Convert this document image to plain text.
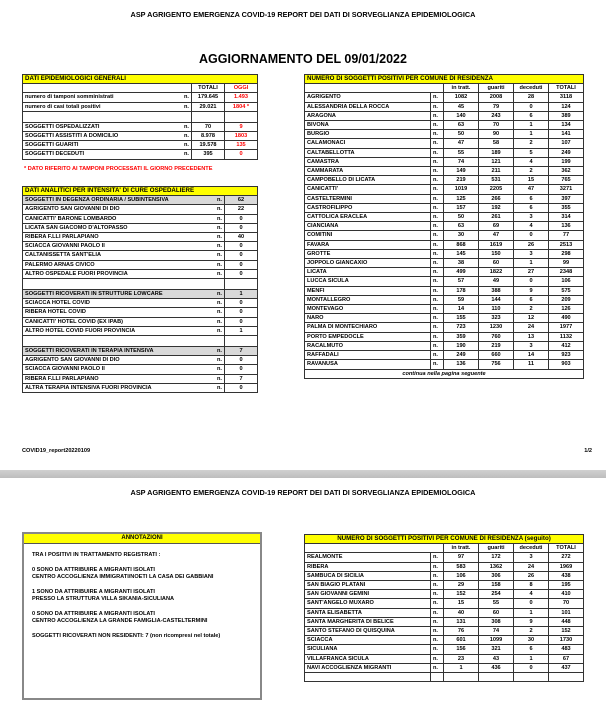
ASP AGRIGENTO EMERGENZA COVID-19 REPORT DEI DATI DI SORVEGLIANZA EPIDEMIOLOGICA
AGGIORNAMENTO DEL 09/01/2022
DATI EPIDEMIOLOGICI GENERALI			
		TOTALI	OGGI
numero di tamponi somministrati	n.	179.645	1.493
numero di casi totali positivi	n.	29.021	1804 *

SOGGETTI OSPEDALIZZATI	n.	70	9
SOGGETTI ASSISTITI A DOMICILIO	n.	8.978	1803
SOGGETTI GUARITI	n.	19.578	135
SOGGETTI DECEDUTI	n.	395	0
* DATO RIFERITO AI TAMPONI PROCESSATI IL GIORNO PRECEDENTE
DATI ANALITICI PER INTENSITA' DI CURE OSPEDALIERE		
SOGGETTI IN DEGENZA ORDINARIA / SUBINTENSIVA	n.	62
AGRIGENTO SAN GIOVANNI DI DIO	n.	22
CANICATTI' BARONE LOMBARDO	n.	0
LICATA SAN GIACOMO D'ALTOPASSO	n.	0
RIBERA F.LLI PARLAPIANO	n.	40
SCIACCA GIOVANNI PAOLO II	n.	0
CALTANISSETTA SANT'ELIA	n.	0
PALERMO ARNAS CIVICO	n.	0
ALTRO OSPEDALE FUORI PROVINCIA	n.	0

SOGGETTI RICOVERATI IN STRUTTURE LOWCARE	n.	1
SCIACCA HOTEL COVID	n.	0
RIBERA HOTEL COVID	n.	0
CANICATTI' HOTEL COVID (EX IPAB)	n.	0
ALTRO HOTEL COVID FUORI PROVINCIA	n.	1

SOGGETTI RICOVERATI IN TERAPIA INTENSIVA	n.	7
AGRIGENTO SAN GIOVANNI DI DIO	n.	0
SCIACCA GIOVANNI PAOLO II	n.	0
RIBERA F.LLI PARLAPIANO	n.	7
ALTRA TERAPIA INTENSIVA FUORI PROVINCIA	n.	0
NUMERO DI SOGGETTI POSITIVI PER COMUNE DI RESIDENZA					
		in tratt.	guariti	deceduti	TOTALI
AGRIGENTO	n.	1082	2008	28	3118
ALESSANDRIA DELLA ROCCA	n.	45	79	0	124
ARAGONA	n.	140	243	6	389
BIVONA	n.	63	70	1	134
BURGIO	n.	50	90	1	141
CALAMONACI	n.	47	58	2	107
CALTABELLOTTA	n.	55	189	5	249
CAMASTRA	n.	74	121	4	199
CAMMARATA	n.	149	211	2	362
CAMPOBELLO DI LICATA	n.	219	531	15	765
CANICATTI'	n.	1019	2205	47	3271
CASTELTERMINI	n.	125	266	6	397
CASTROFILIPPO	n.	157	192	6	355
CATTOLICA ERACLEA	n.	50	261	3	314
CIANCIANA	n.	63	69	4	136
COMITINI	n.	30	47	0	77
FAVARA	n.	868	1619	26	2513
GROTTE	n.	145	150	3	298
JOPPOLO GIANCAXIO	n.	38	60	1	99
LICATA	n.	499	1822	27	2348
LUCCA SICULA	n.	57	49	0	106
MENFI	n.	178	388	9	575
MONTALLEGRO	n.	59	144	6	209
MONTEVAGO	n.	14	110	2	126
NARO	n.	155	323	12	490
PALMA DI MONTECHIARO	n.	723	1230	24	1977
PORTO EMPEDOCLE	n.	359	760	13	1132
RACALMUTO	n.	190	219	3	412
RAFFADALI	n.	249	660	14	923
RAVANUSA	n.	136	756	11	903
continua nella pagina seguente					
COVID19_report20220109	1/2
ASP AGRIGENTO EMERGENZA COVID-19 REPORT DEI DATI DI SORVEGLIANZA EPIDEMIOLOGICA
ANNOTAZIONI

TRA I POSITIVI IN TRATTAMENTO REGISTRATI :

0 SONO DA ATTRIBUIRE A MIGRANTI ISOLATI
CENTRO ACCOGLIENZA IMMIGRATI/NOETI LA CASA DEI GABBIANI

1 SONO DA ATTRIBUIRE A MIGRANTI ISOLATI
PRESSO LA STRUTTURA VILLA SIKANIA-SICULIANA

0 SONO DA ATTRIBUIRE A MIGRANTI ISOLATI
CENTRO ACCOGLIENZA LA GRANDE FAMIGLIA-CASTELTERMINI

SOGGETTI RICOVERATI NON RESIDENTI: 7 (non ricompresi nel totale)

NUMERO DI SOGGETTI POSITIVI PER COMUNE DI RESIDENZA (seguito)					
		in tratt.	guariti	deceduti	TOTALI
REALMONTE	n.	97	172	3	272
RIBERA	n.	583	1362	24	1969
SAMBUCA DI SICILIA	n.	106	306	26	438
SAN BIAGIO PLATANI	n.	29	158	8	195
SAN GIOVANNI GEMINI	n.	152	254	4	410
SANT'ANGELO MUXARO	n.	15	55	0	70
SANTA ELISABETTA	n.	40	60	1	101
SANTA MARGHERITA DI BELICE	n.	131	308	9	448
SANTO STEFANO DI QUISQUINA	n.	76	74	2	152
SCIACCA	n.	601	1099	30	1730
SICULIANA	n.	156	321	6	483
VILLAFRANCA SICULA	n.	23	43	1	67
NAVI ACCOGLIENZA MIGRANTI	n.	1	436	0	437
